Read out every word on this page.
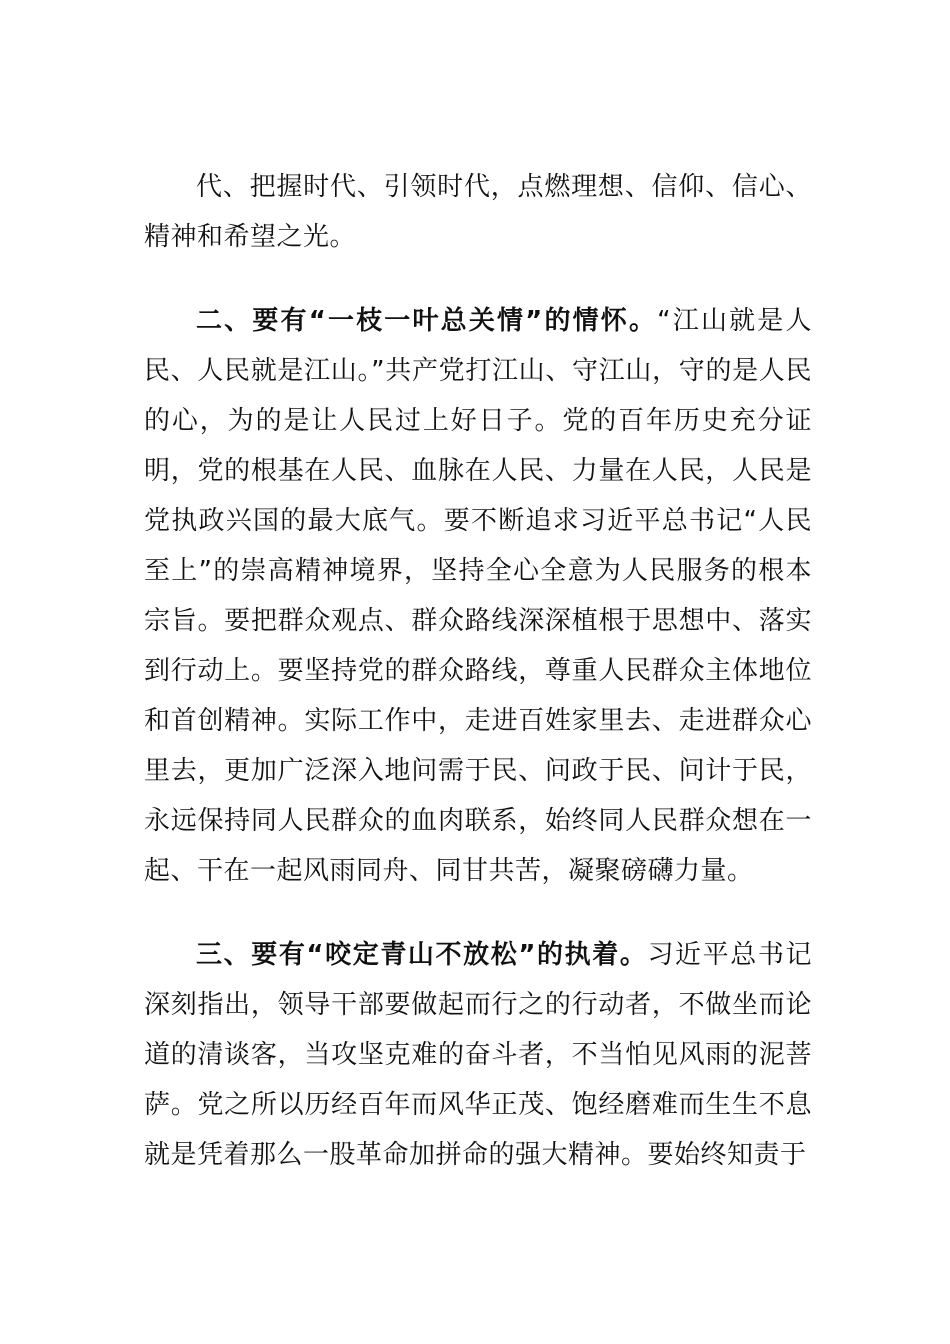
代、把握时代、引领时代，点燃理想、信仰、信心、精神和希望之光。

二、要有“一枝一叶总关情”的情怀。“江山就是人民、人民就是江山。”共产党打江山、守江山，守的是人民的心，为的是让人民过上好日子。党的百年历史充分证明，党的根基在人民、血脉在人民、力量在人民，人民是党执政兴国的最大底气。要不断追求习近平总书记“人民至上”的崇高精神境界，坚持全心全意为人民服务的根本宗旨。要把群众观点、群众路线深深植根于思想中、落实到行动上。要坚持党的群众路线，尊重人民群众主体地位和首创精神。实际工作中，走进百姓家里去、走进群众心里去，更加广泛深入地问需于民、问政于民、问计于民，永远保持同人民群众的血肉联系，始终同人民群众想在一起、干在一起风雨同舟、同甘共苦，凝聚磅礴力量。

三、要有“咬定青山不放松”的执着。习近平总书记深刻指出，领导干部要做起而行之的行动者，不做坐而论道的清谈客，当攻坚克难的奋斗者，不当怕见风雨的泥菩萨。党之所以历经百年而风华正茂、饱经磨难而生生不息就是凭着那么一股革命加拼命的强大精神。要始终知责于
